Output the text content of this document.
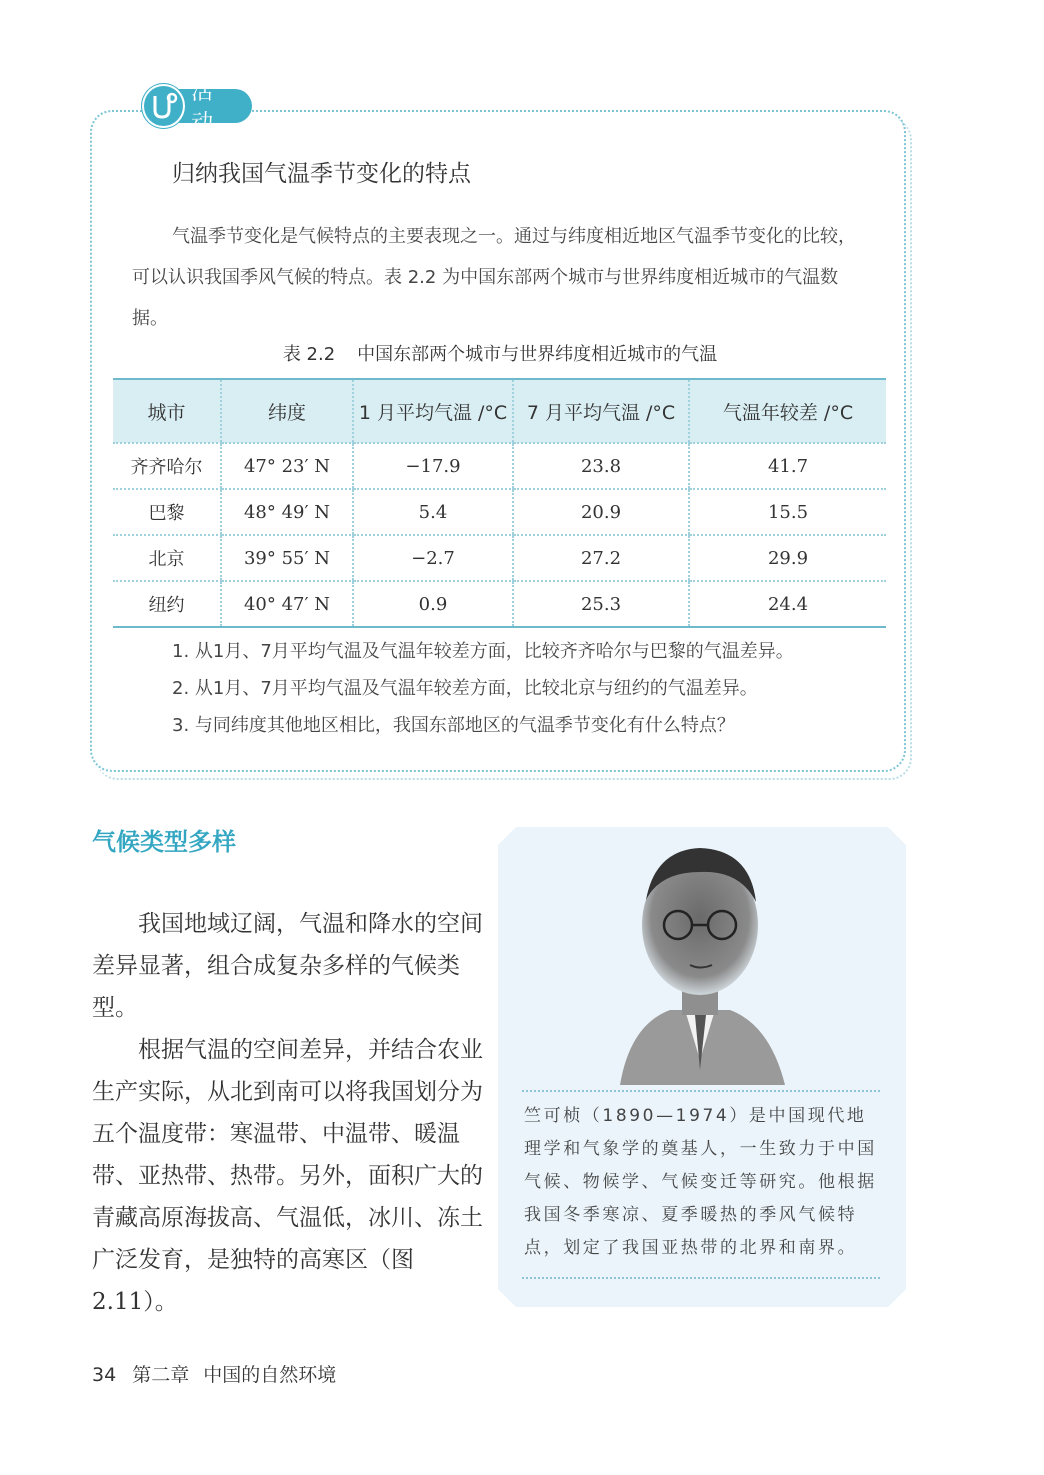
活动
归纳我国气温季节变化的特点
气温季节变化是气候特点的主要表现之一。通过与纬度相近地区气温季节变化的比较，可以认识我国季风气候的特点。表 2.2 为中国东部两个城市与世界纬度相近城市的气温数据。
表 2.2 中国东部两个城市与世界纬度相近城市的气温
城市	纬度	1 月平均气温 /°C	7 月平均气温 /°C	气温年较差 /°C
齐齐哈尔	47° 23′ N	−17.9	23.8	41.7
巴黎	48° 49′ N	5.4	20.9	15.5
北京	39° 55′ N	−2.7	27.2	29.9
纽约	40° 47′ N	0.9	25.3	24.4
1. 从1月、7月平均气温及气温年较差方面，比较齐齐哈尔与巴黎的气温差异。
2. 从1月、7月平均气温及气温年较差方面，比较北京与纽约的气温差异。
3. 与同纬度其他地区相比，我国东部地区的气温季节变化有什么特点？
气候类型多样

我国地域辽阔，气温和降水的空间差异显著，组合成复杂多样的气候类型。

根据气温的空间差异，并结合农业生产实际，从北到南可以将我国划分为五个温度带：寒温带、中温带、暖温带、亚热带、热带。另外，面积广大的青藏高原海拔高、气温低，冰川、冻土广泛发育，是独特的高寒区（图 2.11）。

竺可桢（1890—1974）是中国现代地理学和气象学的奠基人，一生致力于中国气候、物候学、气候变迁等研究。他根据我国冬季寒凉、夏季暖热的季风气候特点，划定了我国亚热带的北界和南界。
34 第二章 中国的自然环境
